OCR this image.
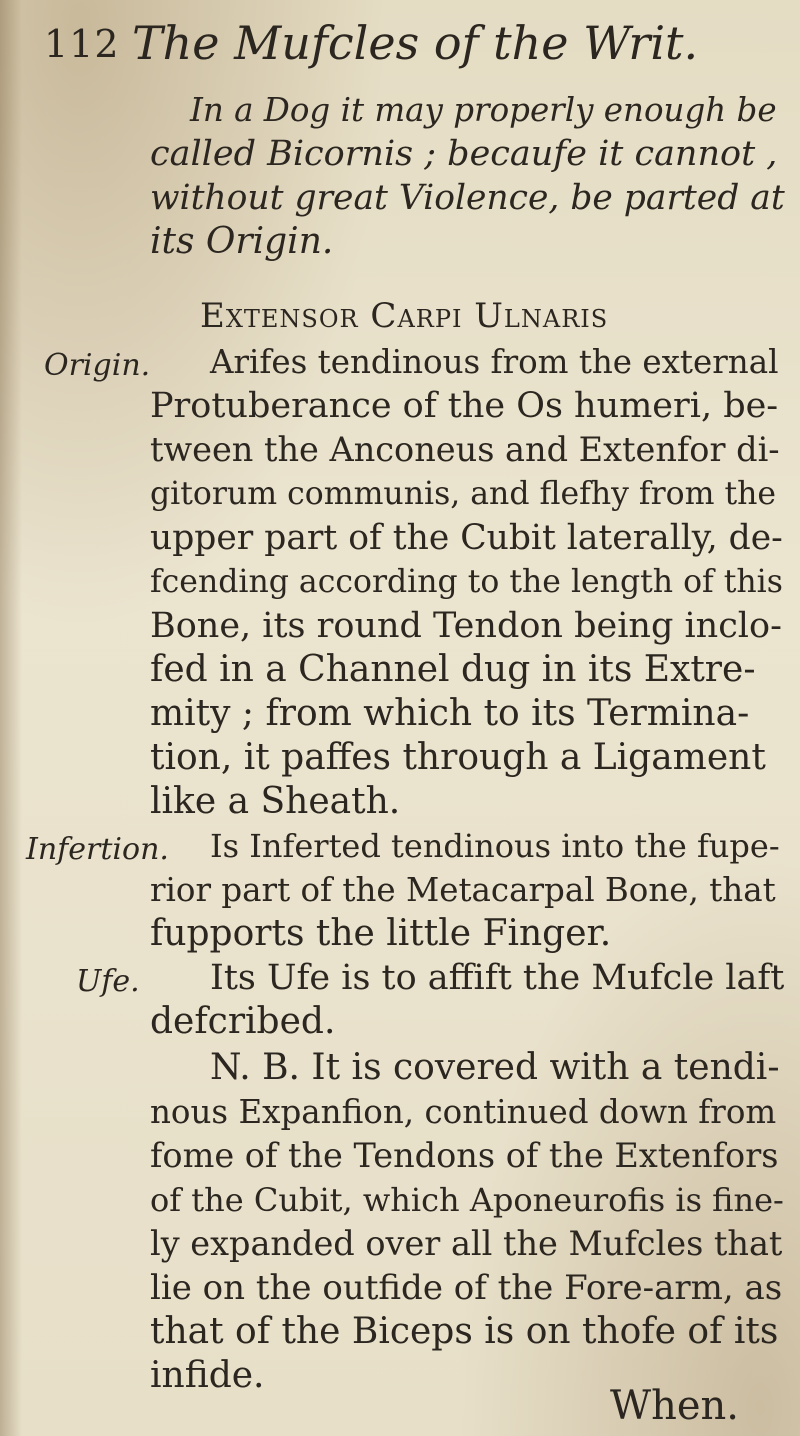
112 The Mufcles of the Writ.
In a Dog it may properly enough be
called Bicornis ; becaufe it cannot ,
without great Violence, be parted at
its Origin.
Extensor Carpi Ulnaris
Origin. Arifes tendinous from the external
Protuberance of the Os humeri, be-
tween the Anconeus and Extenfor di-
gitorum communis, and flefhy from the
upper part of the Cubit laterally, de-
fcending according to the length of this
Bone, its round Tendon being inclo-
fed in a Channel dug in its Extre-
mity ; from which to its Termina-
tion, it paffes through a Ligament
like a Sheath.
Infertion. Is Inferted tendinous into the fupe-
rior part of the Metacarpal Bone, that
fupports the little Finger.
Ufe. Its Ufe is to affift the Mufcle laft
defcribed.
N. B. It is covered with a tendi-
nous Expanfion, continued down from
fome of the Tendons of the Extenfors
of the Cubit, which Aponeurofis is fine-
ly expanded over all the Mufcles that
lie on the outfide of the Fore-arm, as
that of the Biceps is on thofe of its
infide.
When.
